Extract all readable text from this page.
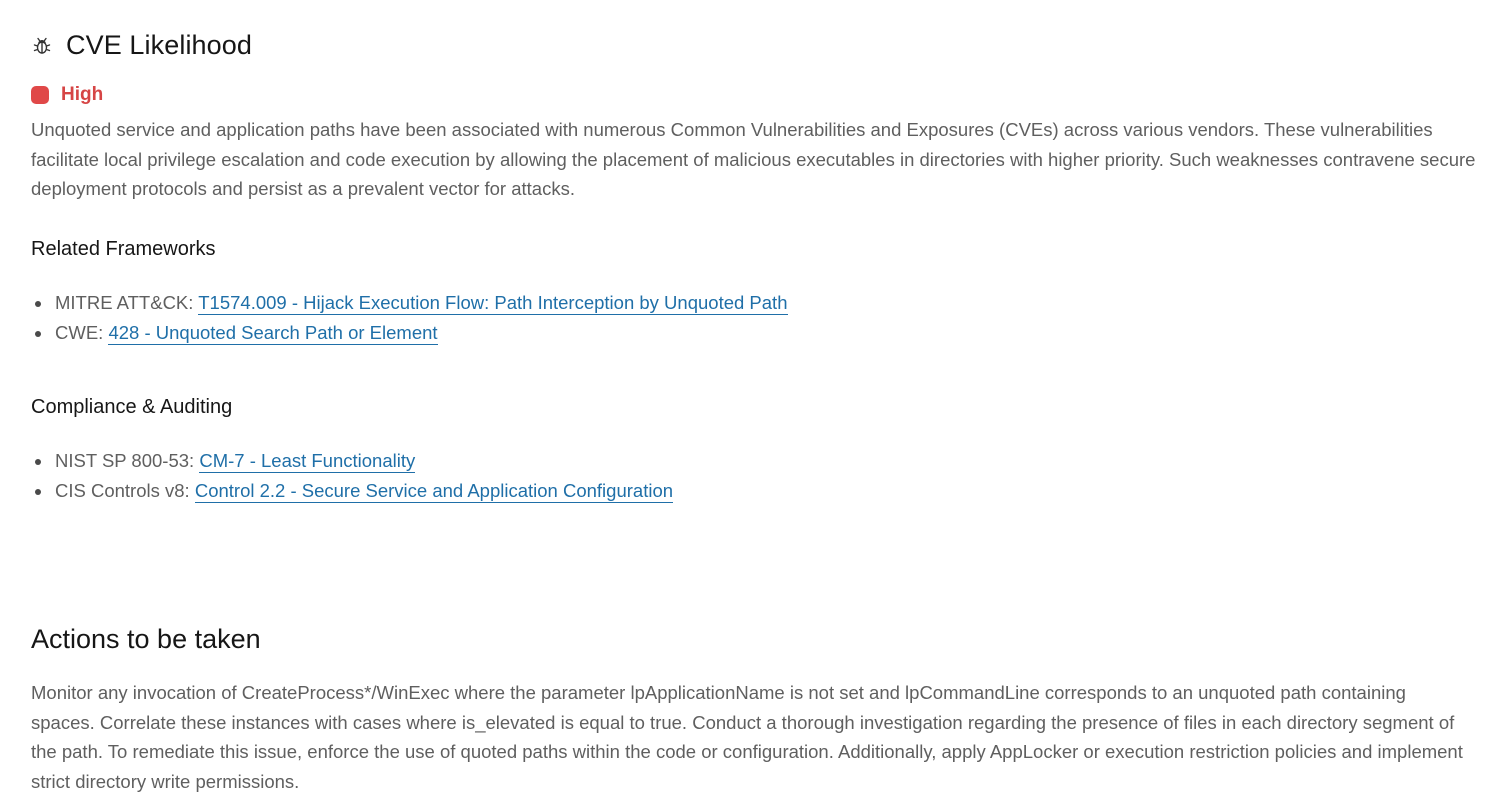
CVE Likelihood
High
Unquoted service and application paths have been associated with numerous Common Vulnerabilities and Exposures (CVEs) across various vendors. These vulnerabilities facilitate local privilege escalation and code execution by allowing the placement of malicious executables in directories with higher priority. Such weaknesses contravene secure deployment protocols and persist as a prevalent vector for attacks.
Related Frameworks
MITRE ATT&CK: T1574.009 - Hijack Execution Flow: Path Interception by Unquoted Path
CWE: 428 - Unquoted Search Path or Element
Compliance & Auditing
NIST SP 800-53: CM-7 - Least Functionality
CIS Controls v8: Control 2.2 - Secure Service and Application Configuration
Actions to be taken
Monitor any invocation of CreateProcess*/WinExec where the parameter lpApplicationName is not set and lpCommandLine corresponds to an unquoted path containing spaces. Correlate these instances with cases where is_elevated is equal to true. Conduct a thorough investigation regarding the presence of files in each directory segment of the path. To remediate this issue, enforce the use of quoted paths within the code or configuration. Additionally, apply AppLocker or execution restriction policies and implement strict directory write permissions.
